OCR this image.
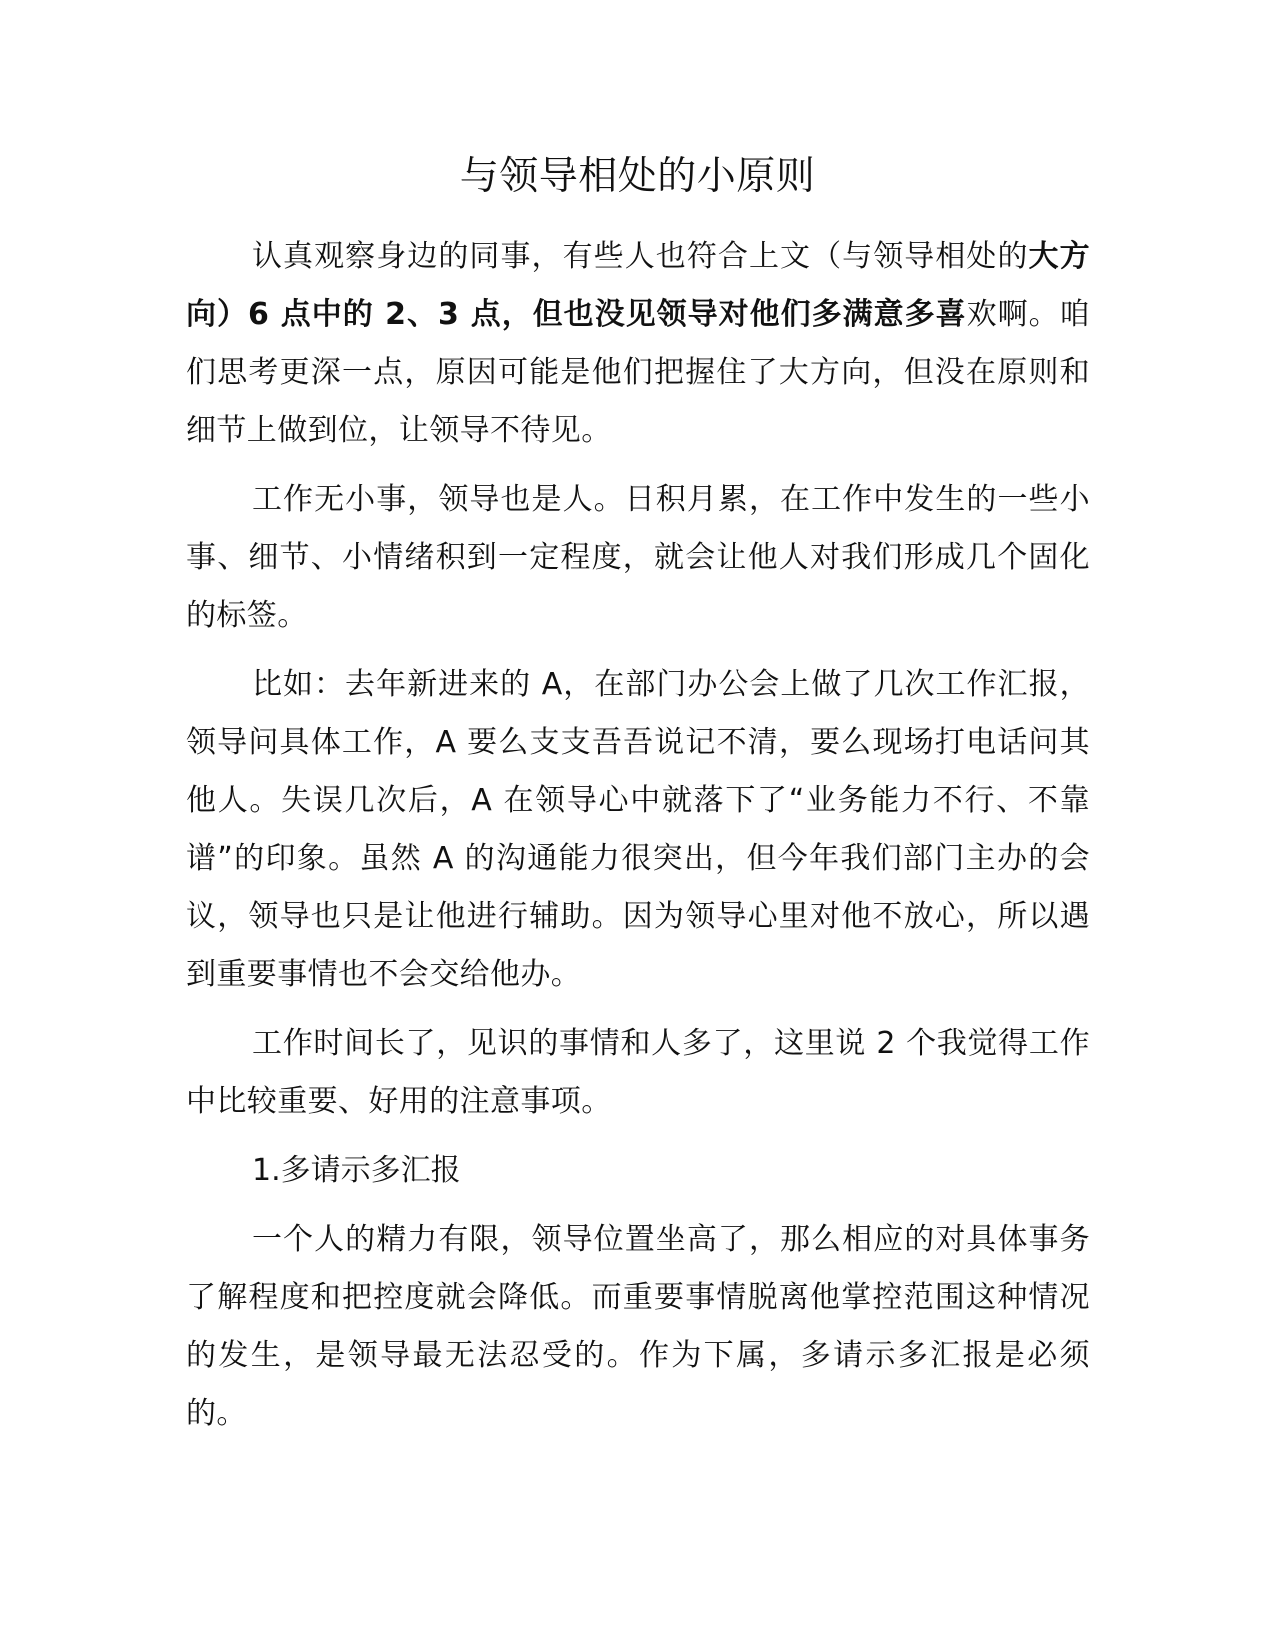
与领导相处的小原则

认真观察身边的同事，有些人也符合上文（与领导相处的大方向）6 点中的 2、3 点，但也没见领导对他们多满意多喜欢啊。咱们思考更深一点，原因可能是他们把握住了大方向，但没在原则和细节上做到位，让领导不待见。

工作无小事，领导也是人。日积月累，在工作中发生的一些小事、细节、小情绪积到一定程度，就会让他人对我们形成几个固化的标签。

比如：去年新进来的 A，在部门办公会上做了几次工作汇报，领导问具体工作，A 要么支支吾吾说记不清，要么现场打电话问其他人。失误几次后，A 在领导心中就落下了“业务能力不行、不靠谱”的印象。虽然 A 的沟通能力很突出，但今年我们部门主办的会议，领导也只是让他进行辅助。因为领导心里对他不放心，所以遇到重要事情也不会交给他办。

工作时间长了，见识的事情和人多了，这里说 2 个我觉得工作中比较重要、好用的注意事项。

1.多请示多汇报

一个人的精力有限，领导位置坐高了，那么相应的对具体事务了解程度和把控度就会降低。而重要事情脱离他掌控范围这种情况的发生，是领导最无法忍受的。作为下属，多请示多汇报是必须的。
